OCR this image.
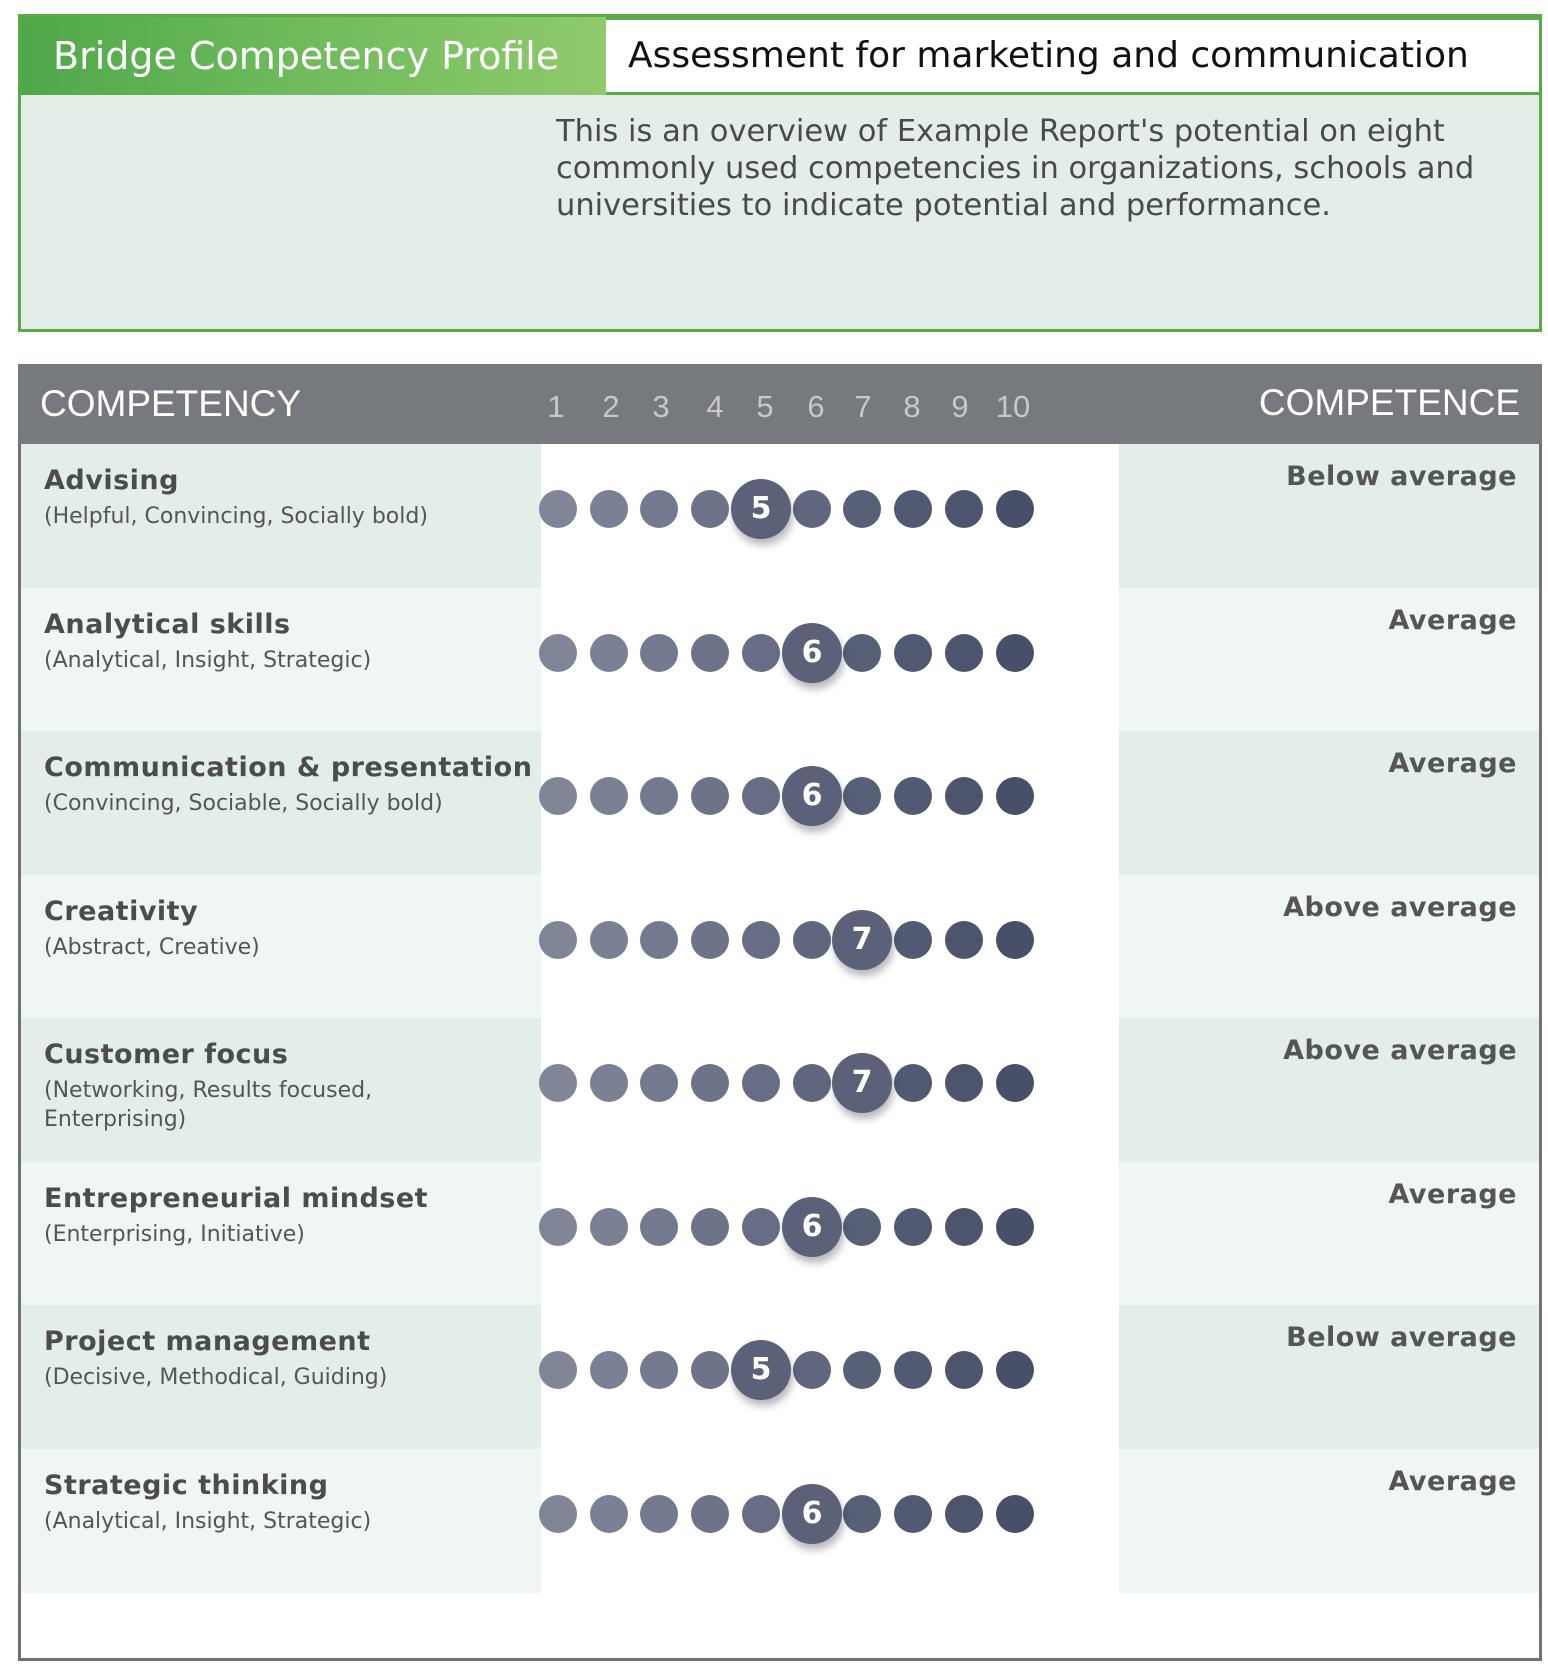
Bridge Competency Profile	Assessment for marketing and communication

This is an overview of Example Report's potential on eight commonly used competencies in organizations, schools and universities to indicate potential and performance.

COMPETENCY	1 2 3 4 5 6 7 8 9 10	COMPETENCE

Advising

(Helpful, Convincing, Socially bold)	5
Below average

Analytical skills

(Analytical, Insight, Strategic)	6
Average

Communication & presentation

(Convincing, Sociable, Socially bold)	6
Average

Creativity

(Abstract, Creative)	7
Above average

Customer focus

(Networking, Results focused, Enterprising)

7
Above average

Entrepreneurial mindset

(Enterprising, Initiative)	6
Average

Project management

(Decisive, Methodical, Guiding)	5
Below average

Strategic thinking

(Analytical, Insight, Strategic)	6
Average
